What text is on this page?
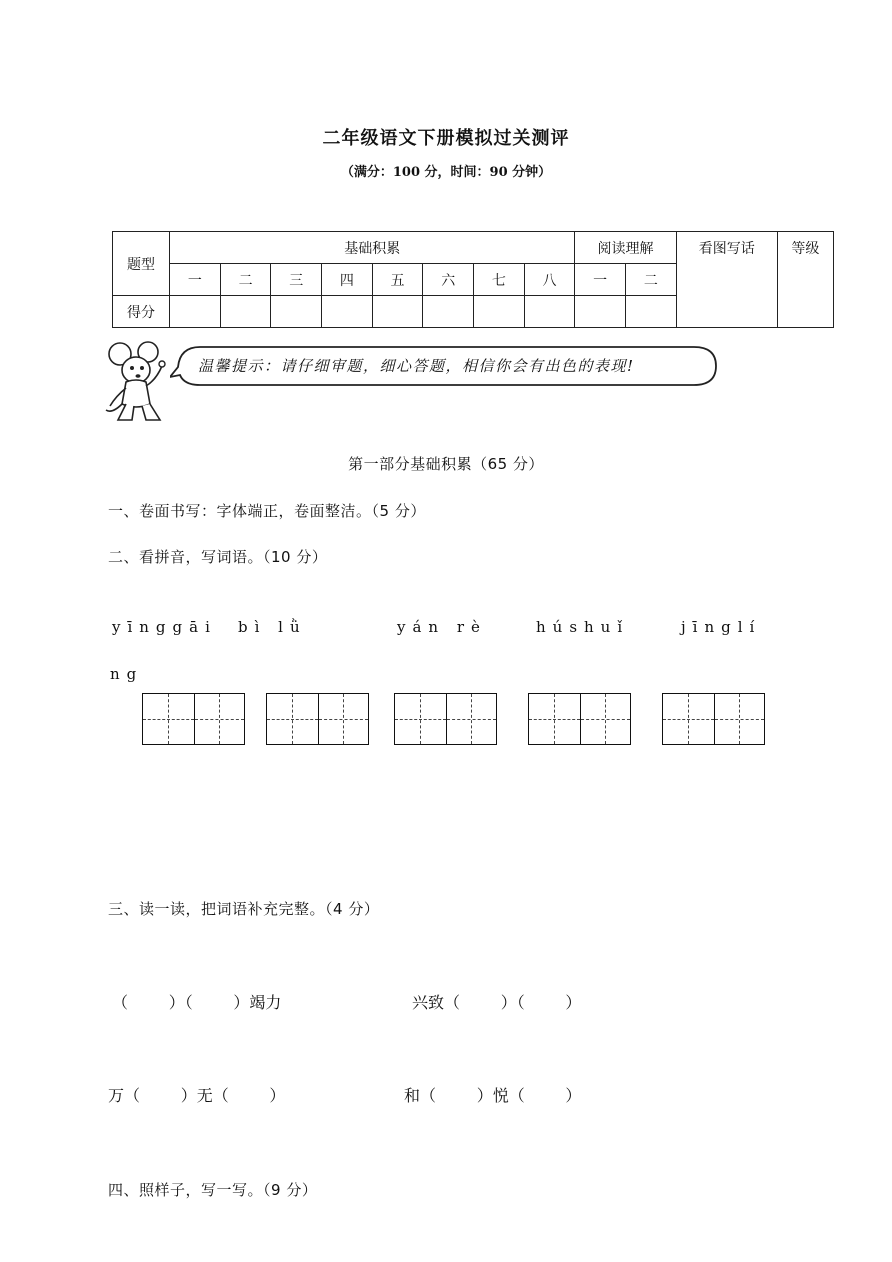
二年级语文下册模拟过关测评
（满分：100 分，时间：90 分钟）
题型	基础积累								阅读理解		看图写话	等级
	一	二	三	四	五	六	七	八	一	二		
得分												
温馨提示：请仔细审题，细心答题，相信你会有出色的表现!
第一部分基础积累（65 分）
一、卷面书写：字体端正，卷面整洁。（5 分）
二、看拼音，写词语。（10 分）
yīnggāi bì lǜ	yán rè	húshuǐ	jīnglí
ng
三、读一读，把词语补充完整。（4 分）
（        ）（        ）竭力	兴致（        ）（        ）
万（        ）无（        ）	和（        ）悦（        ）
四、照样子，写一写。（9 分）
